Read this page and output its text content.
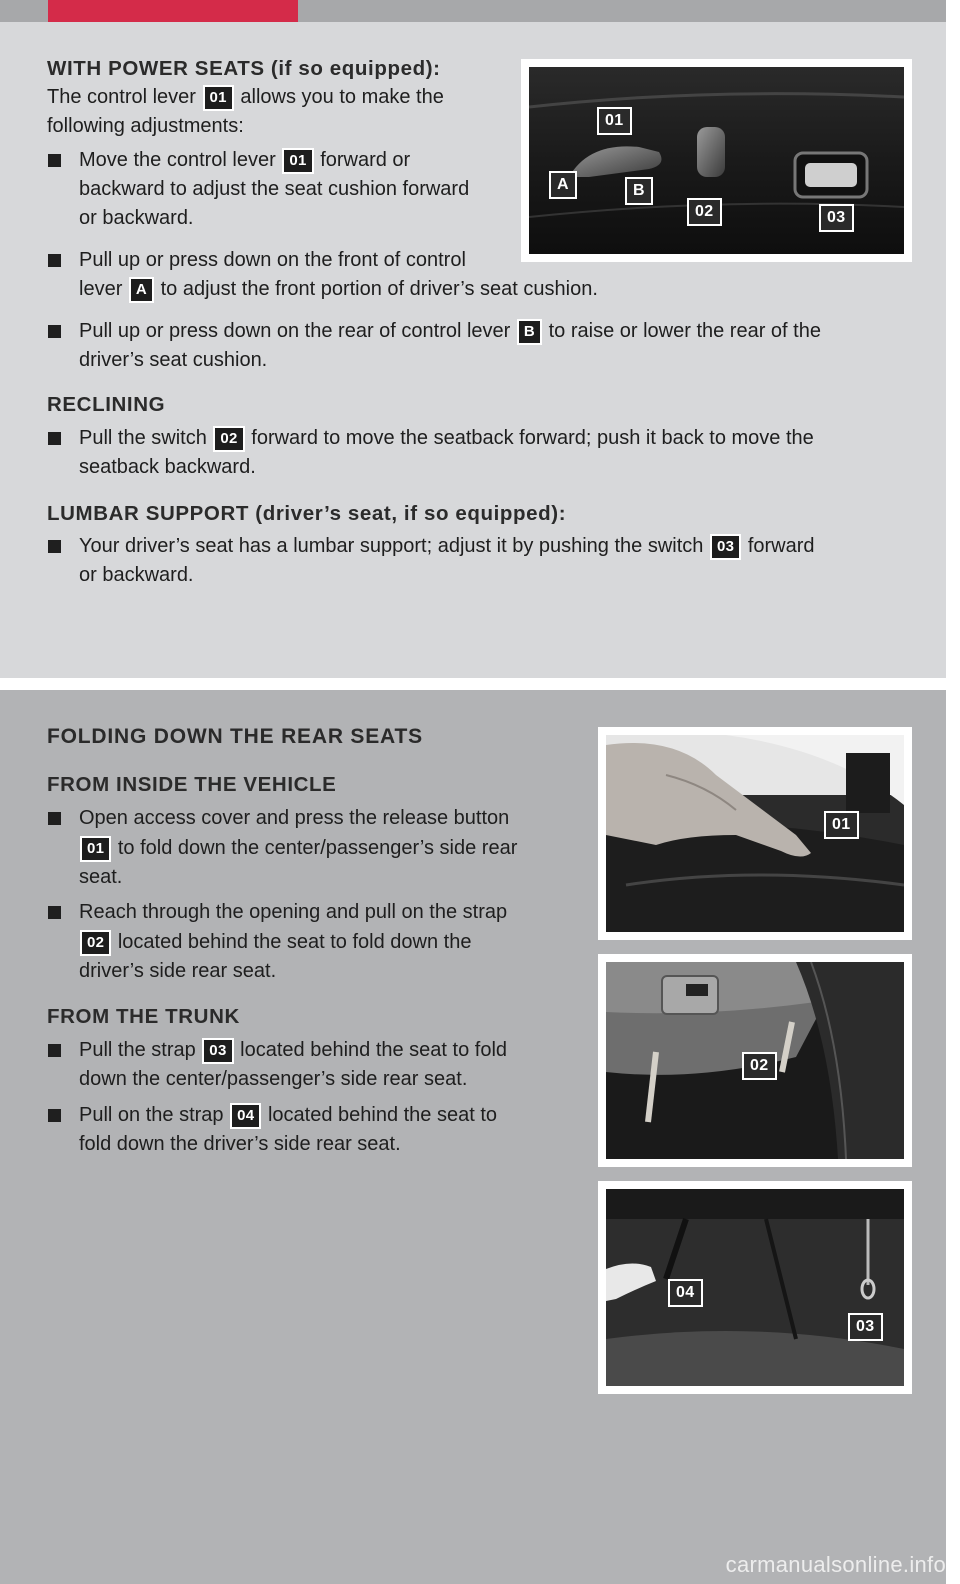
WITH POWER SEATS (if so equipped):
The control lever 01 allows you to make the
following adjustments:
Move the control lever 01 forward or
backward to adjust the seat cushion forward
or backward.
Pull up or press down on the front of control
lever A to adjust the front portion of driver’s seat cushion.
Pull up or press down on the rear of control lever B to raise or lower the rear of the
driver’s seat cushion.
RECLINING
Pull the switch 02 forward to move the seatback forward; push it back to move the
seatback backward.
LUMBAR SUPPORT (driver’s seat, if so equipped):
Your driver’s seat has a lumbar support; adjust it by pushing the switch 03 forward
or backward.
01
A	B
02	03
FOLDING DOWN THE REAR SEATS
FROM INSIDE THE VEHICLE
Open access cover and press the release button
01 to fold down the center/passenger’s side rear
seat.
Reach through the opening and pull on the strap
02 located behind the seat to fold down the
driver’s side rear seat.
FROM THE TRUNK
Pull the strap 03 located behind the seat to fold
down the center/passenger’s side rear seat.
Pull on the strap 04 located behind the seat to
fold down the driver’s side rear seat.
01
02
04
03
carmanualsonline.info
